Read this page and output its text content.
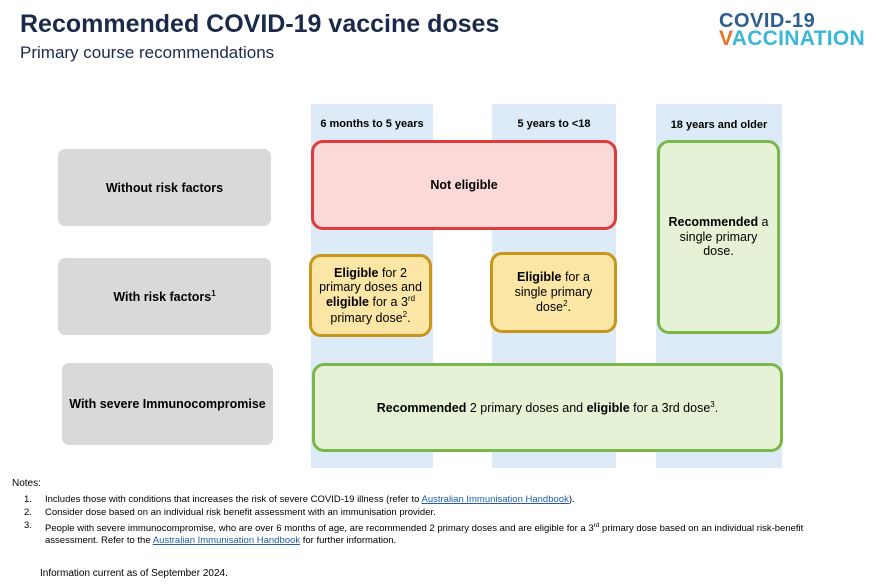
Recommended COVID-19 vaccine doses
Primary course recommendations
COVID-19
VACCINATION
6 months to 5 years	5 years to <18	18 years and older
Without risk factors
With risk factors$^1$
With severe Immunocompromise
Not eligible
Eligible for 2 primary doses and eligible for a 3rd primary dose$^2$.
Eligible for a single primary dose$^2$.
Recommended a single primary dose.
Recommended 2 primary doses and eligible for a 3rd dose$^3$.
Notes:
1. Includes those with conditions that increases the risk of severe COVID-19 illness (refer to Australian Immunisation Handbook).
2. Consider dose based on an individual risk benefit assessment with an immunisation provider.
3. People with severe immunocompromise, who are over 6 months of age, are recommended 2 primary doses and are eligible for a 3rd primary dose based on an individual risk-benefit assessment. Refer to the Australian Immunisation Handbook for further information.
Information current as of September 2024.
